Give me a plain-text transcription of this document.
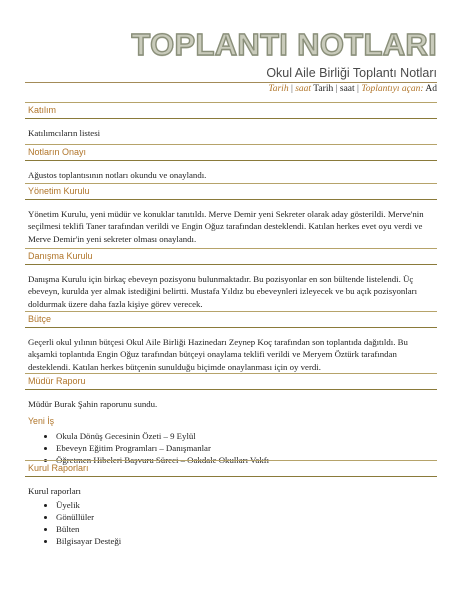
TOPLANTI NOTLARI
Okul Aile Birliği Toplantı Notları
Tarih | saat Tarih | saat | Toplantıyı açan: Ad
Katılım

Katılımcıların listesi

Notların Onayı

Ağustos toplantısının notları okundu ve onaylandı.

Yönetim Kurulu

Yönetim Kurulu, yeni müdür ve konuklar tanıtıldı. Merve Demir yeni Sekreter olarak aday gösterildi. Merve'nin seçilmesi teklifi Taner tarafından verildi ve Engin Oğuz tarafından desteklendi. Katılan herkes evet oyu verdi ve Merve Demir'in yeni sekreter olması onaylandı.

Danışma Kurulu

Danışma Kurulu için birkaç ebeveyn pozisyonu bulunmaktadır. Bu pozisyonlar en son bültende listelendi. Üç ebeveyn, kurulda yer almak istediğini belirtti. Mustafa Yıldız bu ebeveynleri izleyecek ve bu açık pozisyonları doldurmak üzere daha fazla kişiye görev verecek.

Bütçe

Geçerli okul yılının bütçesi Okul Aile Birliği Hazinedarı Zeynep Koç tarafından son toplantıda dağıtıldı. Bu akşamki toplantıda Engin Oğuz tarafından bütçeyi onaylama teklifi verildi ve Meryem Öztürk tarafından desteklendi. Katılan herkes bütçenin sunulduğu biçimde onaylanması için oy verdi.

Müdür Raporu

Müdür Burak Şahin raporunu sundu.

Yeni İş
• Okula Dönüş Gecesinin Özeti – 9 Eylül
• Ebeveyn Eğitim Programları – Danışmanlar
• Öğretmen Hibeleri Başvuru Süreci – Oakdale Okulları Vakfı
Kurul Raporları

Kurul raporları

• Üyelik
• Gönüllüler
• Bülten
• Bilgisayar Desteği
